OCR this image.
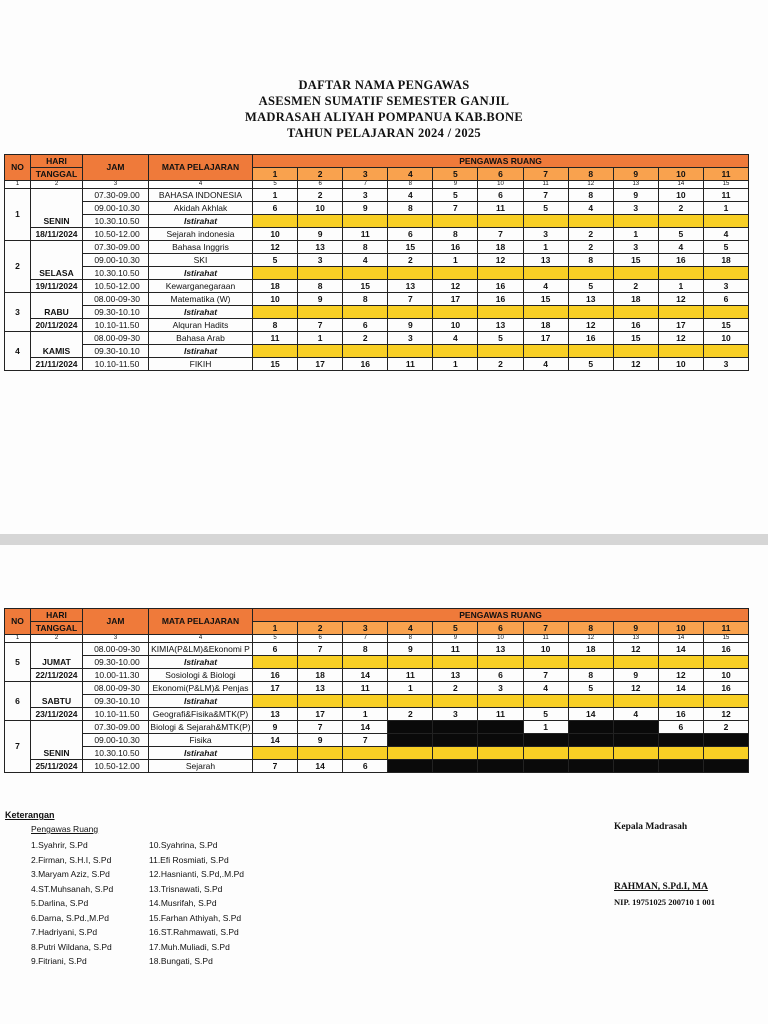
DAFTAR NAMA PENGAWAS
ASESMEN SUMATIF SEMESTER GANJIL
MADRASAH ALIYAH POMPANUA KAB.BONE
TAHUN PELAJARAN 2024 / 2025
NO	HARI	JAM	MATA PELAJARAN	PENGAWAS RUANG										
	TANGGAL			1	2	3	4	5	6	7	8	9	10	11
1	2	3	4	5	6	7	8	9	10	11	12	13	14	15
1	SENIN	07.30-09.00	BAHASA INDONESIA	1	2	3	4	5	6	7	8	9	10	11
		09.00-10.30	Akidah Akhlak	6	10	9	8	7	11	5	4	3	2	1
		10.30.10.50	Istirahat											
	18/11/2024	10.50-12.00	Sejarah indonesia	10	9	11	6	8	7	3	2	1	5	4
2	SELASA	07.30-09.00	Bahasa Inggris	12	13	8	15	16	18	1	2	3	4	5
		09.00-10.30	SKI	5	3	4	2	1	12	13	8	15	16	18
		10.30.10.50	Istirahat											
	19/11/2024	10.50-12.00	Kewarganegaraan	18	8	15	13	12	16	4	5	2	1	3
3	RABU	08.00-09-30	Matematika (W)	10	9	8	7	17	16	15	13	18	12	6
		09.30-10.10	Istirahat											
	20/11/2024	10.10-11.50	Alquran Hadits	8	7	6	9	10	13	18	12	16	17	15
4	KAMIS	08.00-09-30	Bahasa Arab	11	1	2	3	4	5	17	16	15	12	10
		09.30-10.10	Istirahat											
	21/11/2024	10.10-11.50	FIKIH	15	17	16	11	1	2	4	5	12	10	3
NO	HARI	JAM	MATA PELAJARAN	PENGAWAS RUANG										
	TANGGAL			1	2	3	4	5	6	7	8	9	10	11
1	2	3	4	5	6	7	8	9	10	11	12	13	14	15
5	JUMAT	08.00-09-30	KIMIA(P&LM)&Ekonomi P	6	7	8	9	11	13	10	18	12	14	16
		09.30-10.00	Istirahat											
	22/11/2024	10.00-11.30	Sosiologi & Biologi	16	18	14	11	13	6	7	8	9	12	10
6	SABTU	08.00-09-30	Ekonomi(P&LM)& Penjas	17	13	11	1	2	3	4	5	12	14	16
		09.30-10.10	Istirahat											
	23/11/2024	10.10-11.50	Geografi&Fisika&MTK(P)	13	17	1	2	3	11	5	14	4	16	12
7	SENIN	07.30-09.00	Biologi & Sejarah&MTK(P)	9	7	14				1			6	2
		09.00-10.30	Fisika	14	9	7								
		10.30.10.50	Istirahat											
	25/11/2024	10.50-12.00	Sejarah	7	14	6								
Keterangan
Pengawas Ruang
1.Syahrir, S.Pd
2.Firman, S.H.I, S.Pd
3.Maryam Aziz, S.Pd
4.ST.Muhsanah, S.Pd
5.Darlina, S.Pd
6.Darna, S.Pd.,M.Pd
7.Hadriyani, S.Pd
8.Putri Wildana, S.Pd
9.Fitriani, S.Pd
10.Syahrina, S.Pd
11.Efi Rosmiati, S.Pd
12.Hasnianti, S.Pd,.M.Pd
13.Trisnawati, S.Pd
14.Musrifah, S.Pd
15.Farhan Athiyah, S.Pd
16.ST.Rahmawati, S.Pd
17.Muh.Muliadi, S.Pd
18.Bungati, S.Pd
Kepala Madrasah
RAHMAN, S.Pd.I, MA
NIP. 19751025 200710 1 001
